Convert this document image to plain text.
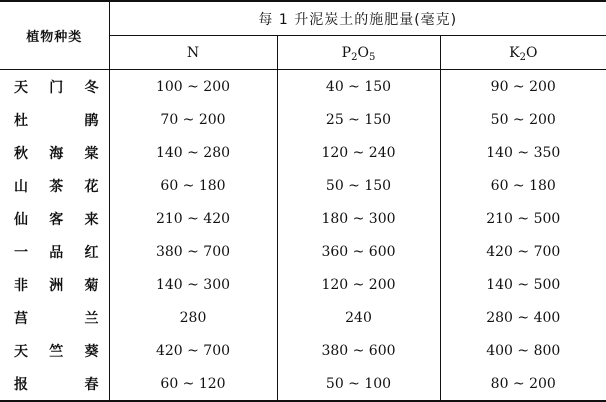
植物种类	每 1 升泥炭土的施肥量(毫克)		
	N	$P_2O_5$	$K_2O$
天门冬	100 ~ 200	40 ~ 150	90 ~ 200
杜鹃	70 ~ 200	25 ~ 150	50 ~ 200
秋海棠	140 ~ 280	120 ~ 240	140 ~ 350
山茶花	60 ~ 180	50 ~ 150	60 ~ 180
仙客来	210 ~ 420	180 ~ 300	210 ~ 500
一品红	380 ~ 700	360 ~ 600	420 ~ 700
非洲菊	140 ~ 300	120 ~ 200	140 ~ 500
莒兰	280	240	280 ~ 400
天竺葵	420 ~ 700	380 ~ 600	400 ~ 800
报春	60 ~ 120	50 ~ 100	80 ~ 200
